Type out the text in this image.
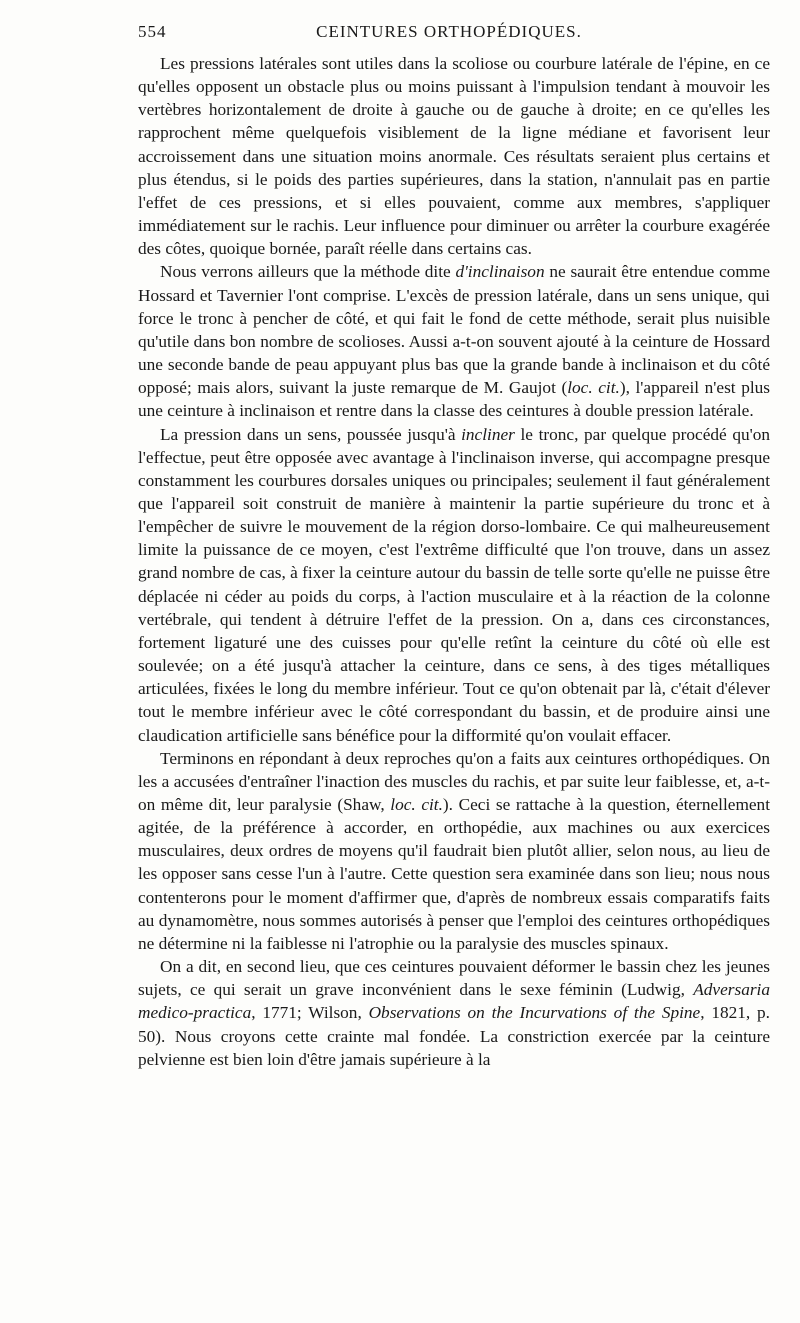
554	CEINTURES ORTHOPÉDIQUES.

Les pressions latérales sont utiles dans la scoliose ou courbure latérale de l'épine, en ce qu'elles opposent un obstacle plus ou moins puissant à l'impulsion tendant à mouvoir les vertèbres horizontalement de droite à gauche ou de gauche à droite; en ce qu'elles les rapprochent même quelquefois visiblement de la ligne médiane et favorisent leur accroissement dans une situation moins anormale. Ces résultats seraient plus certains et plus étendus, si le poids des parties supérieures, dans la station, n'annulait pas en partie l'effet de ces pressions, et si elles pouvaient, comme aux membres, s'appliquer immédiatement sur le rachis. Leur influence pour diminuer ou arrêter la courbure exagérée des côtes, quoique bornée, paraît réelle dans certains cas.

Nous verrons ailleurs que la méthode dite d'inclinaison ne saurait être entendue comme Hossard et Tavernier l'ont comprise. L'excès de pression latérale, dans un sens unique, qui force le tronc à pencher de côté, et qui fait le fond de cette méthode, serait plus nuisible qu'utile dans bon nombre de scolioses. Aussi a-t-on souvent ajouté à la ceinture de Hossard une seconde bande de peau appuyant plus bas que la grande bande à inclinaison et du côté opposé; mais alors, suivant la juste remarque de M. Gaujot (loc. cit.), l'appareil n'est plus une ceinture à inclinaison et rentre dans la classe des ceintures à double pression latérale.

La pression dans un sens, poussée jusqu'à incliner le tronc, par quelque procédé qu'on l'effectue, peut être opposée avec avantage à l'inclinaison inverse, qui accompagne presque constamment les courbures dorsales uniques ou principales; seulement il faut généralement que l'appareil soit construit de manière à maintenir la partie supérieure du tronc et à l'empêcher de suivre le mouvement de la région dorso-lombaire. Ce qui malheureusement limite la puissance de ce moyen, c'est l'extrême difficulté que l'on trouve, dans un assez grand nombre de cas, à fixer la ceinture autour du bassin de telle sorte qu'elle ne puisse être déplacée ni céder au poids du corps, à l'action musculaire et à la réaction de la colonne vertébrale, qui tendent à détruire l'effet de la pression. On a, dans ces circonstances, fortement ligaturé une des cuisses pour qu'elle retînt la ceinture du côté où elle est soulevée; on a été jusqu'à attacher la ceinture, dans ce sens, à des tiges métalliques articulées, fixées le long du membre inférieur. Tout ce qu'on obtenait par là, c'était d'élever tout le membre inférieur avec le côté correspondant du bassin, et de produire ainsi une claudication artificielle sans bénéfice pour la difformité qu'on voulait effacer.

Terminons en répondant à deux reproches qu'on a faits aux ceintures orthopédiques. On les a accusées d'entraîner l'inaction des muscles du rachis, et par suite leur faiblesse, et, a-t-on même dit, leur paralysie (Shaw, loc. cit.). Ceci se rattache à la question, éternellement agitée, de la préférence à accorder, en orthopédie, aux machines ou aux exercices musculaires, deux ordres de moyens qu'il faudrait bien plutôt allier, selon nous, au lieu de les opposer sans cesse l'un à l'autre. Cette question sera examinée dans son lieu; nous nous contenterons pour le moment d'affirmer que, d'après de nombreux essais comparatifs faits au dynamomètre, nous sommes autorisés à penser que l'emploi des ceintures orthopédiques ne détermine ni la faiblesse ni l'atrophie ou la paralysie des muscles spinaux.

On a dit, en second lieu, que ces ceintures pouvaient déformer le bassin chez les jeunes sujets, ce qui serait un grave inconvénient dans le sexe féminin (Ludwig, Adversaria medico-practica, 1771; Wilson, Observations on the Incurvations of the Spine, 1821, p. 50). Nous croyons cette crainte mal fondée. La constriction exercée par la ceinture pelvienne est bien loin d'être jamais supérieure à la
